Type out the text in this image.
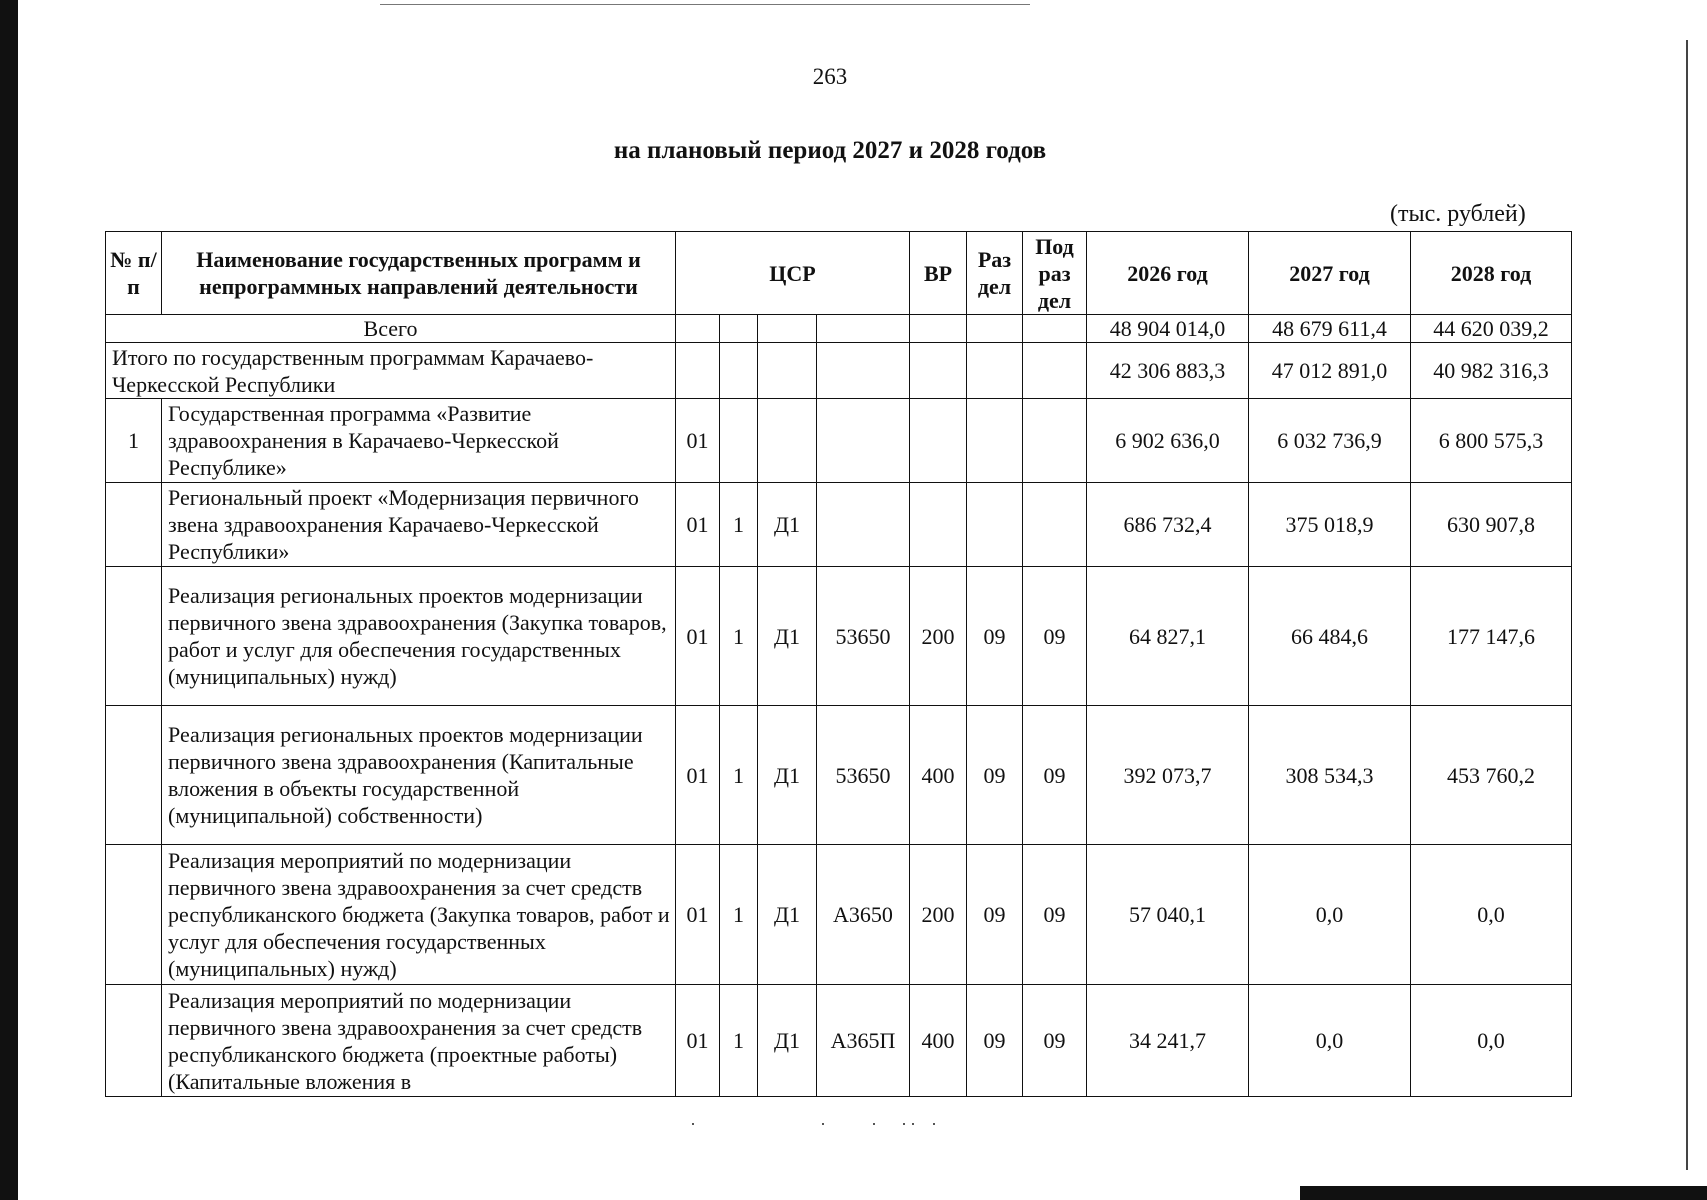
263
на плановый период 2027 и 2028 годов
(тыс. рублей)
№ п/п	Наименование государственных программ и непрограммных направлений деятельности	ЦСР				ВР	Раз дел	Под раз дел	2026 год	2027 год	2028 год
Всего									48 904 014,0	48 679 611,4	44 620 039,2
Итого по государственным программам Карачаево-Черкесской Республики									42 306 883,3	47 012 891,0	40 982 316,3
1	Государственная программа «Развитие здравоохранения в Карачаево-Черкесской Республике»	01							6 902 636,0	6 032 736,9	6 800 575,3
	Региональный проект «Модернизация первичного звена здравоохранения Карачаево-Черкесской Республики»	01	1	Д1					686 732,4	375 018,9	630 907,8
	Реализация региональных проектов модернизации первичного звена здравоохранения (Закупка товаров, работ и услуг для обеспечения государственных (муниципальных) нужд)	01	1	Д1	53650	200	09	09	64 827,1	66 484,6	177 147,6
	Реализация региональных проектов модернизации первичного звена здравоохранения (Капитальные вложения в объекты государственной (муниципальной) собственности)	01	1	Д1	53650	400	09	09	392 073,7	308 534,3	453 760,2
	Реализация мероприятий по модернизации первичного звена здравоохранения за счет средств республиканского бюджета (Закупка товаров, работ и услуг для обеспечения государственных (муниципальных) нужд)	01	1	Д1	А3650	200	09	09	57 040,1	0,0	0,0
	Реализация мероприятий по модернизации первичного звена здравоохранения за счет средств республиканского бюджета (проектные работы) (Капитальные вложения в	01	1	Д1	А365П	400	09	09	34 241,7	0,0	0,0
